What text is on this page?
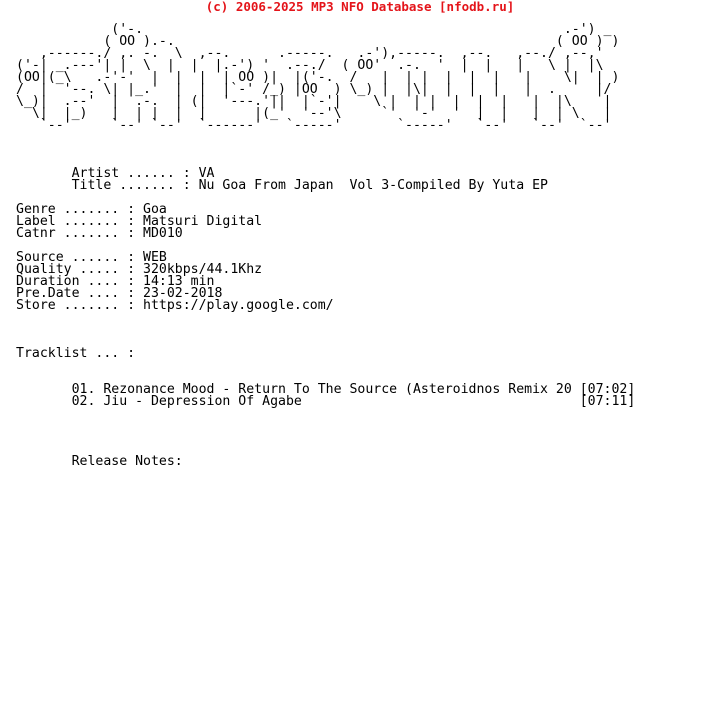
(c) 2006-2025 MP3 NFO Database [nfodb.ru]

('-.                                                     .-') _
( OO ).-.                                                ( OO ) )
,------./ ,. -.  \  ,--.      .-----.   .-'),-----.  ,--.   ,--./ ,--,'
('-| _.---'| |  \  |  |  |.-') '  .--./  ( OO'  .-.  '  |  |   |   \ |  |\
(OO|(_\   .-'-'  |  |  |  | OO )|  |('-.  /   |  | |  |  |  |   |    \|  | )
/  |  '--. \| |_.'  |  |  |`-' /_) |OO  ) \_) |  |\|  |  |  |   |  .     |/
\_)|  .--'  |  .-.  | (|  '---.'||  |`-'|    \ |  | |  |  |  |   |  |\    |
\|  |_)   |  | |  |  |      |(_'  '--'\     `'  '-'  '  |  |   |  | \   |
`--'     `--' `--'  `------'   `-----'       `-----'   `--'   `--'  `--'

Artist ...... : VA
Title ....... : Nu Goa From Japan  Vol 3-Compiled By Yuta EP

Genre ....... : Goa
Label ....... : Matsuri Digital
Catnr ....... : MD010

Source ...... : WEB
Quality ..... : 320kbps/44.1Khz
Duration .... : 14:13 min
Pre.Date .... : 23-02-2018
Store ....... : https://play.google.com/

Tracklist ... :

01. Rezonance Mood - Return To The Source (Asteroidnos Remix 20 [07:02]
02. Jiu - Depression Of Agabe                                   [07:11]

Release Notes:
